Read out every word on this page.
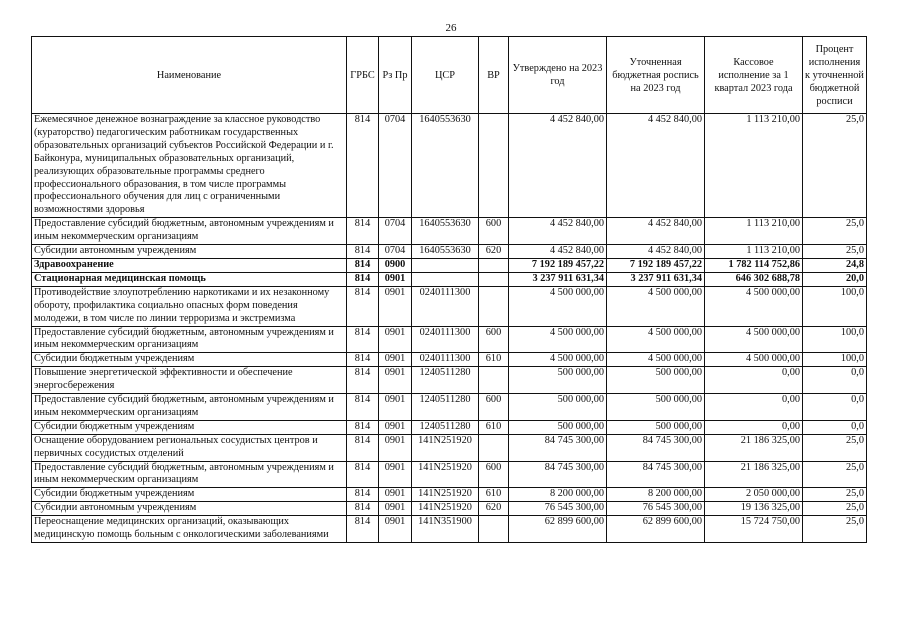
26
Наименование	ГРБС	Рз Пр	ЦСР	ВР	Утверждено на 2023 год	Уточненная бюджетная роспись на 2023 год	Кассовое исполнение за 1 квартал 2023 года	Процент исполнения к уточненной бюджетной росписи
Ежемесячное денежное вознаграждение за классное руководство (кураторство) педагогическим работникам государственных образовательных организаций субъектов Российской Федерации и г. Байконура, муниципальных образовательных организаций, реализующих образовательные программы среднего профессионального образования, в том числе программы профессионального обучения для лиц с ограниченными возможностями здоровья	814	0704	1640553630		4 452 840,00	4 452 840,00	1 113 210,00	25,0
Предоставление субсидий бюджетным, автономным учреждениям и иным некоммерческим организациям	814	0704	1640553630	600	4 452 840,00	4 452 840,00	1 113 210,00	25,0
Субсидии автономным учреждениям	814	0704	1640553630	620	4 452 840,00	4 452 840,00	1 113 210,00	25,0
Здравоохранение	814	0900			7 192 189 457,22	7 192 189 457,22	1 782 114 752,86	24,8
Стационарная медицинская помощь	814	0901			3 237 911 631,34	3 237 911 631,34	646 302 688,78	20,0
Противодействие злоупотреблению наркотиками и их незаконному обороту, профилактика социально опасных форм поведения молодежи, в том числе по линии терроризма и экстремизма	814	0901	0240111300		4 500 000,00	4 500 000,00	4 500 000,00	100,0
Предоставление субсидий бюджетным, автономным учреждениям и иным некоммерческим организациям	814	0901	0240111300	600	4 500 000,00	4 500 000,00	4 500 000,00	100,0
Субсидии бюджетным учреждениям	814	0901	0240111300	610	4 500 000,00	4 500 000,00	4 500 000,00	100,0
Повышение энергетической эффективности и обеспечение энергосбережения	814	0901	1240511280		500 000,00	500 000,00	0,00	0,0
Предоставление субсидий бюджетным, автономным учреждениям и иным некоммерческим организациям	814	0901	1240511280	600	500 000,00	500 000,00	0,00	0,0
Субсидии бюджетным учреждениям	814	0901	1240511280	610	500 000,00	500 000,00	0,00	0,0
Оснащение оборудованием региональных сосудистых центров и первичных сосудистых отделений	814	0901	141N251920		84 745 300,00	84 745 300,00	21 186 325,00	25,0
Предоставление субсидий бюджетным, автономным учреждениям и иным некоммерческим организациям	814	0901	141N251920	600	84 745 300,00	84 745 300,00	21 186 325,00	25,0
Субсидии бюджетным учреждениям	814	0901	141N251920	610	8 200 000,00	8 200 000,00	2 050 000,00	25,0
Субсидии автономным учреждениям	814	0901	141N251920	620	76 545 300,00	76 545 300,00	19 136 325,00	25,0
Переоснащение медицинских организаций, оказывающих медицинскую помощь больным с онкологическими заболеваниями	814	0901	141N351900		62 899 600,00	62 899 600,00	15 724 750,00	25,0
